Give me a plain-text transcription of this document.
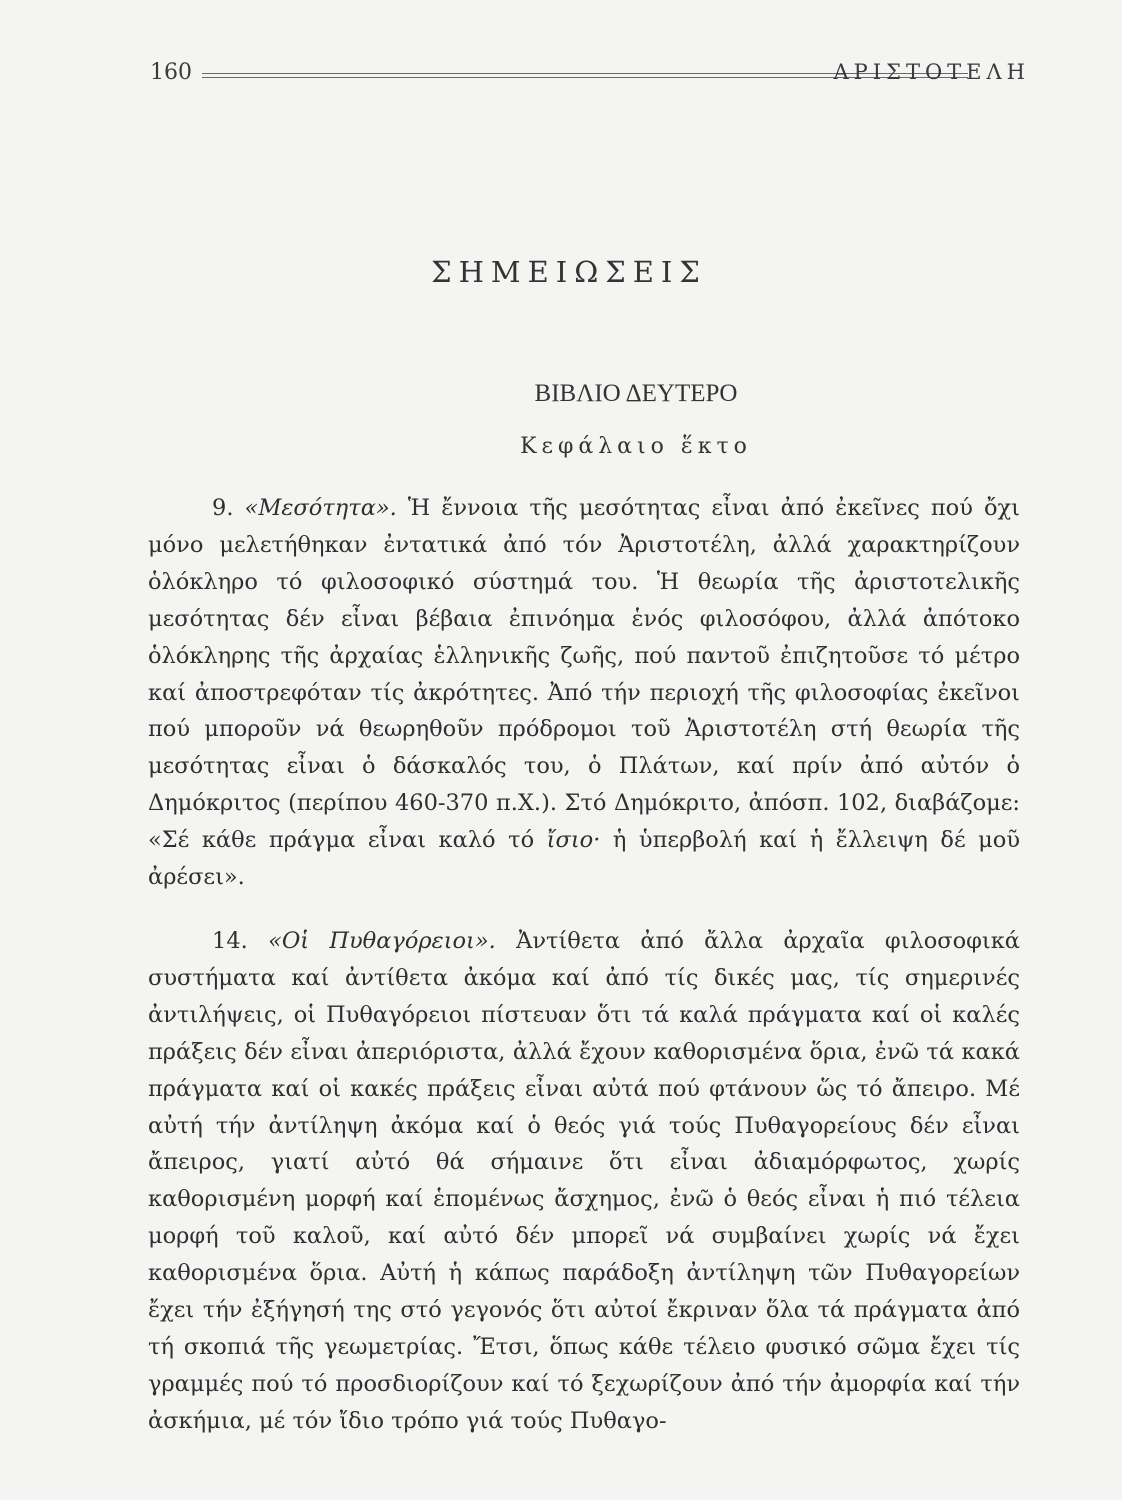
160	ΑΡΙΣΤΟΤΕΛΗ
ΣΗΜΕΙΩΣΕΙΣ
ΒΙΒΛΙΟ ΔΕΥΤΕΡΟ
Κεφάλαιο ἕκτο

9. «Μεσότητα». Ἡ ἔννοια τῆς μεσότητας εἶναι ἀπό ἐκεῖνες πού ὄχι μόνο μελετήθηκαν ἐντατικά ἀπό τόν Ἀριστοτέλη, ἀλλά χαρακτηρίζουν ὁλόκληρο τό φιλοσοφικό σύστημά του. Ἡ θεωρία τῆς ἀριστοτελικῆς μεσότητας δέν εἶναι βέβαια ἐπινόημα ἑνός φιλοσόφου, ἀλλά ἀπότοκο ὁλόκληρης τῆς ἀρχαίας ἑλληνικῆς ζωῆς, πού παντοῦ ἐπιζητοῦσε τό μέτρο καί ἀποστρεφόταν τίς ἀκρότητες. Ἀπό τήν περιοχή τῆς φιλοσοφίας ἐκεῖνοι πού μποροῦν νά θεωρηθοῦν πρόδρομοι τοῦ Ἀριστοτέλη στή θεωρία τῆς μεσότητας εἶναι ὁ δάσκαλός του, ὁ Πλάτων, καί πρίν ἀπό αὐτόν ὁ Δημόκριτος (περίπου 460-370 π.Χ.). Στό Δημόκριτο, ἀπόσπ. 102, διαβάζομε: «Σέ κάθε πράγμα εἶναι καλό τό ἴσιο· ἡ ὑπερβολή καί ἡ ἔλλειψη δέ μοῦ ἀρέσει».

14. «Οἱ Πυθαγόρειοι». Ἀντίθετα ἀπό ἄλλα ἀρχαῖα φιλοσοφικά συστήματα καί ἀντίθετα ἀκόμα καί ἀπό τίς δικές μας, τίς σημερινές ἀντιλήψεις, οἱ Πυθαγόρειοι πίστευαν ὅτι τά καλά πράγματα καί οἱ καλές πράξεις δέν εἶναι ἀπεριόριστα, ἀλλά ἔχουν καθορισμένα ὅρια, ἐνῶ τά κακά πράγματα καί οἱ κακές πράξεις εἶναι αὐτά πού φτάνουν ὥς τό ἄπειρο. Μέ αὐτή τήν ἀντίληψη ἀκόμα καί ὁ θεός γιά τούς Πυθαγορείους δέν εἶναι ἄπειρος, γιατί αὐτό θά σήμαινε ὅτι εἶναι ἀδιαμόρφωτος, χωρίς καθορισμένη μορφή καί ἑπομένως ἄσχημος, ἐνῶ ὁ θεός εἶναι ἡ πιό τέλεια μορφή τοῦ καλοῦ, καί αὐτό δέν μπορεῖ νά συμβαίνει χωρίς νά ἔχει καθορισμένα ὅρια. Αὐτή ἡ κάπως παράδοξη ἀντίληψη τῶν Πυθαγορείων ἔχει τήν ἐξήγησή της στό γεγονός ὅτι αὐτοί ἔκριναν ὅλα τά πράγματα ἀπό τή σκοπιά τῆς γεωμετρίας. Ἔτσι, ὅπως κάθε τέλειο φυσικό σῶμα ἔχει τίς γραμμές πού τό προσδιορίζουν καί τό ξεχωρίζουν ἀπό τήν ἀμορφία καί τήν ἀσκήμια, μέ τόν ἴδιο τρόπο γιά τούς Πυθαγο-
